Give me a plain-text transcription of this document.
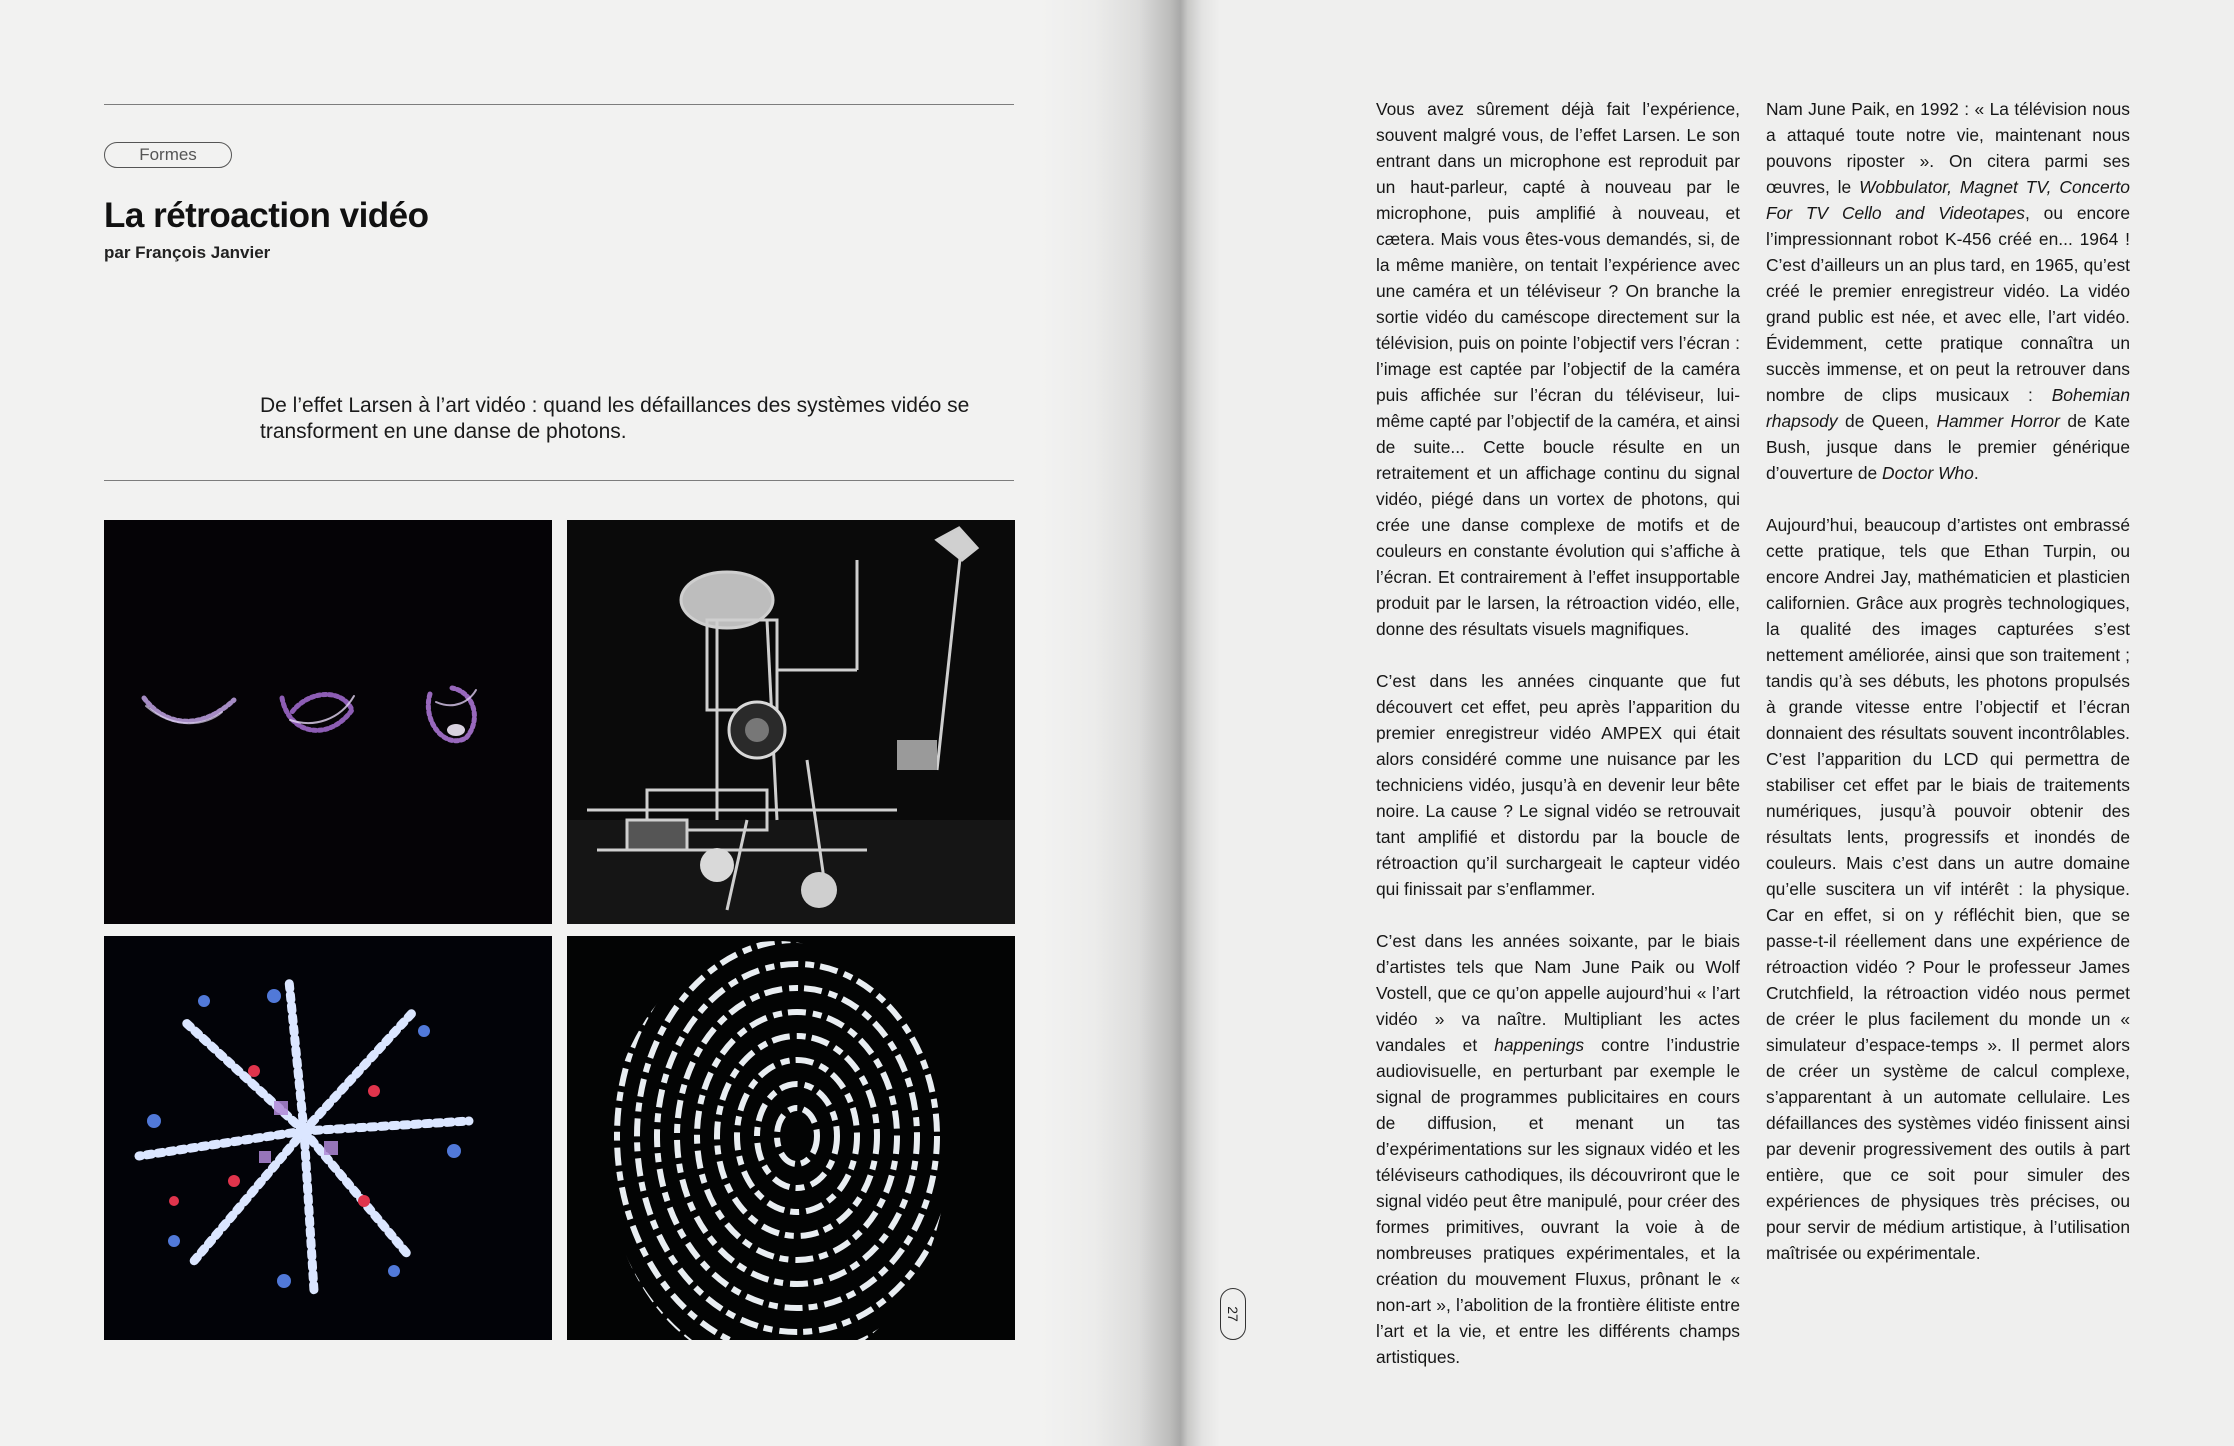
Formes
La rétroaction vidéo

par François Janvier

De l’effet Larsen à l’art vidéo : quand les défaillances des systèmes vidéo se transforment en une danse de photons.

Vous avez sûrement déjà fait l’expérience, souvent malgré vous, de l’effet Larsen. Le son entrant dans un microphone est reproduit par un haut-parleur, capté à nouveau par le microphone, puis amplifié à nouveau, et cætera. Mais vous êtes-vous demandés, si, de la même manière, on tentait l’expérience avec une caméra et un téléviseur ? On branche la sortie vidéo du caméscope directement sur la télévision, puis on pointe l’objectif vers l’écran : l’image est captée par l’objectif de la caméra puis affichée sur l’écran du téléviseur, lui-même capté par l’objectif de la caméra, et ainsi de suite... Cette boucle résulte en un retraitement et un affichage continu du signal vidéo, piégé dans un vortex de photons, qui crée une danse complexe de motifs et de couleurs en constante évolution qui s’affiche à l’écran. Et contrairement à l’effet insupportable produit par le larsen, la rétroaction vidéo, elle, donne des résultats visuels magnifiques.

C’est dans les années cinquante que fut découvert cet effet, peu après l’apparition du premier enregistreur vidéo AMPEX qui était alors considéré comme une nuisance par les techniciens vidéo, jusqu’à en devenir leur bête noire. La cause ? Le signal vidéo se retrouvait tant amplifié et distordu par la boucle de rétroaction qu’il surchargeait le capteur vidéo qui finissait par s’enflammer.

C’est dans les années soixante, par le biais d’artistes tels que Nam June Paik ou Wolf Vostell, que ce qu’on appelle aujourd’hui « l’art vidéo » va naître. Multipliant les actes vandales et happenings contre l’industrie audiovisuelle, en perturbant par exemple le signal de programmes publicitaires en cours de diffusion, et menant un tas d’expérimentations sur les signaux vidéo et les téléviseurs cathodiques, ils découvriront que le signal vidéo peut être manipulé, pour créer des formes primitives, ouvrant la voie à de nombreuses pratiques expérimentales, et la création du mouvement Fluxus, prônant le « non-art », l’abolition de la frontière élitiste entre l’art et la vie, et entre les différents champs artistiques.

Nam June Paik, en 1992 : « La télévision nous a attaqué toute notre vie, maintenant nous pouvons riposter ». On citera parmi ses œuvres, le Wobbulator, Magnet TV, Concerto For TV Cello and Videotapes, ou encore l’impressionnant robot K-456 créé en... 1964 ! C’est d’ailleurs un an plus tard, en 1965, qu’est créé le premier enregistreur vidéo. La vidéo grand public est née, et avec elle, l’art vidéo. Évidemment, cette pratique connaîtra un succès immense, et on peut la retrouver dans nombre de clips musicaux : Bohemian rhapsody de Queen, Hammer Horror de Kate Bush, jusque dans le premier générique d’ouverture de Doctor Who.

Aujourd’hui, beaucoup d’artistes ont embrassé cette pratique, tels que Ethan Turpin, ou encore Andrei Jay, mathématicien et plasticien californien. Grâce aux progrès technologiques, la qualité des images capturées s’est nettement améliorée, ainsi que son traitement ; tandis qu’à ses débuts, les photons propulsés à grande vitesse entre l’objectif et l’écran donnaient des résultats souvent incontrôlables. C’est l’apparition du LCD qui permettra de stabiliser cet effet par le biais de traitements numériques, jusqu’à pouvoir obtenir des résultats lents, progressifs et inondés de couleurs. Mais c’est dans un autre domaine qu’elle suscitera un vif intérêt : la physique. Car en effet, si on y réfléchit bien, que se passe-t-il réellement dans une expérience de rétroaction vidéo ? Pour le professeur James Crutchfield, la rétroaction vidéo nous permet de créer le plus facilement du monde un « simulateur d’espace-temps ». Il permet alors de créer un système de calcul complexe, s’apparentant à un automate cellulaire. Les défaillances des systèmes vidéo finissent ainsi par devenir progressivement des outils à part entière, que ce soit pour simuler des expériences de physiques très précises, ou pour servir de médium artistique, à l’utilisation maîtrisée ou expérimentale.

27
